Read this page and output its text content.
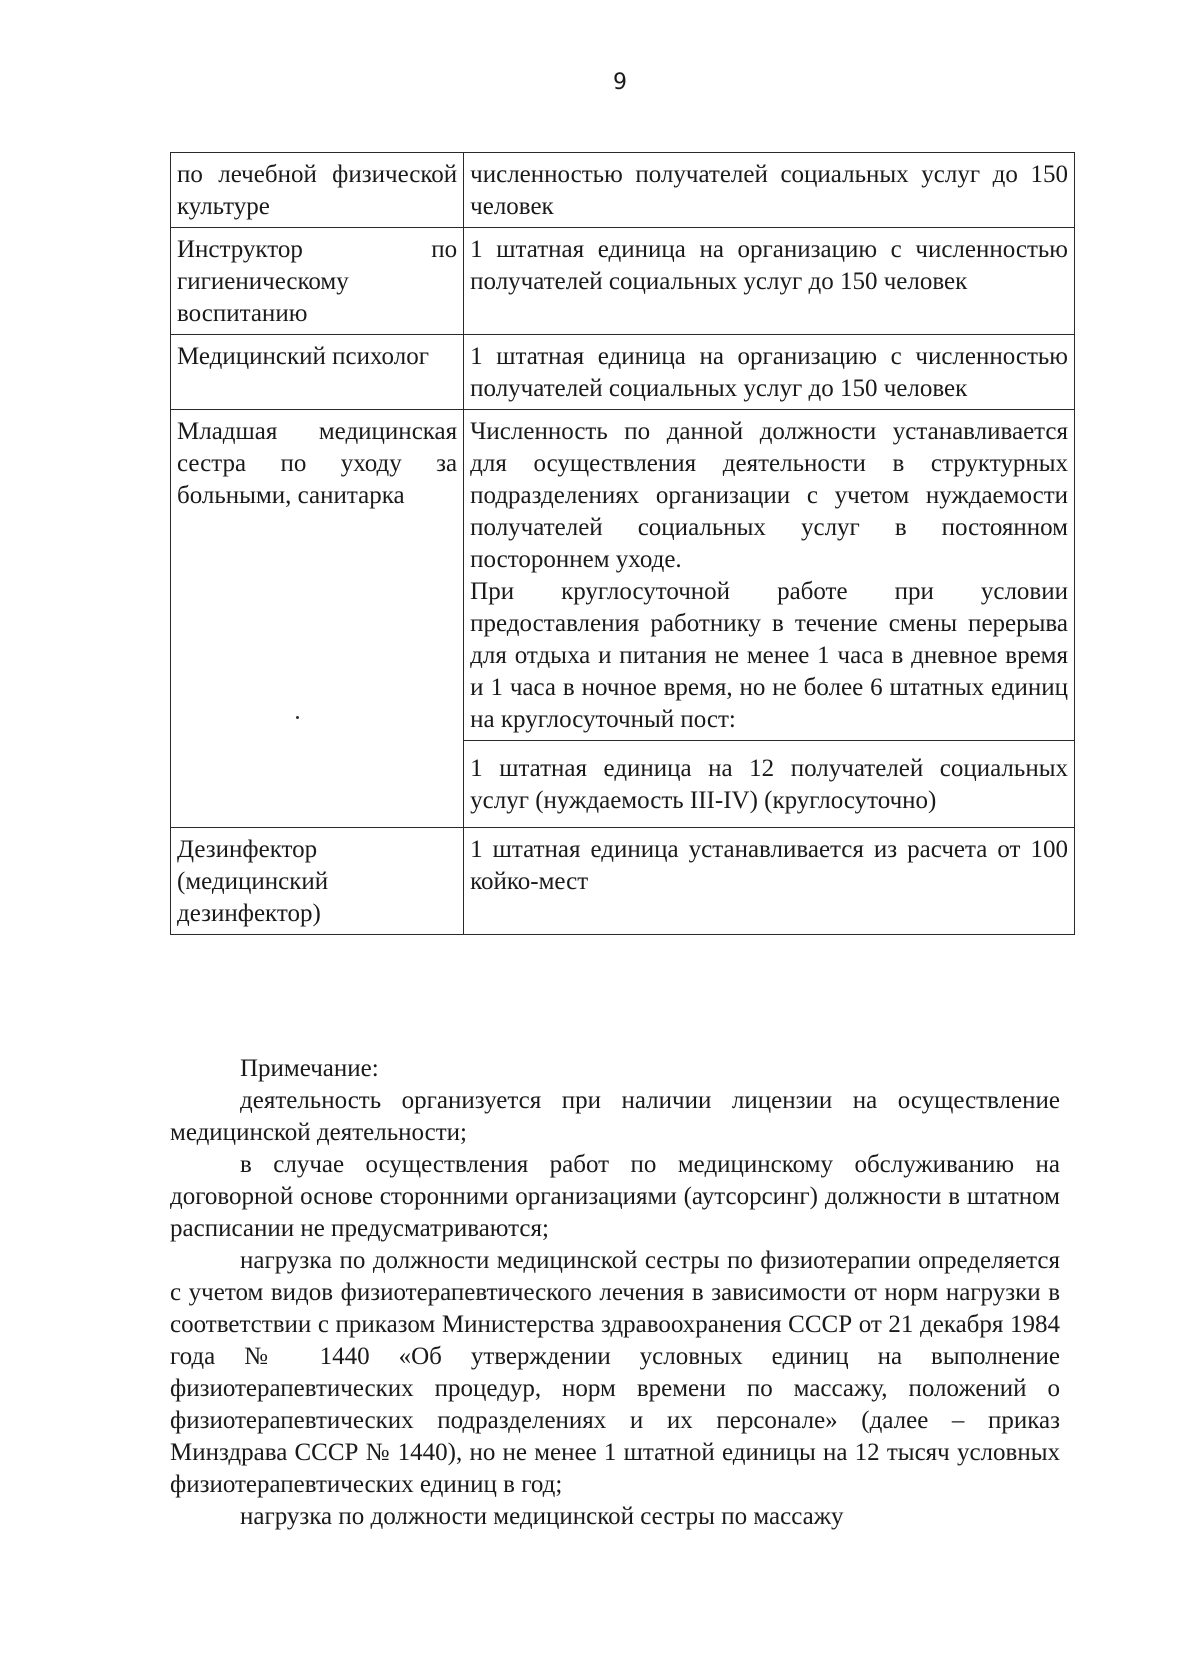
9
по лечебной физической культуре	численностью получателей социальных услуг до 150 человек
Инструктор по гигиеническому воспитанию	1 штатная единица на организацию с численностью получателей социальных услуг до 150 человек
Медицинский психолог	1 штатная единица на организацию с численностью получателей социальных услуг до 150 человек
Младшая медицинская сестра по уходу за больными, санитарка	Численность по данной должности устанавливается для осуществления деятельности в структурных подразделениях организации с учетом нуждаемости получателей социальных услуг в постоянном постороннем уходе.
При круглосуточной работе при условии предоставления работнику в течение смены перерыва для отдыха и питания не менее 1 часа в дневное время и 1 часа в ночное время, но не более 6 штатных единиц на круглосуточный пост:

	1 штатная единица на 12 получателей социальных услуг (нуждаемость III-IV) (круглосуточно)
Дезинфектор (медицинский дезинфектор)	1 штатная единица устанавливается из расчета от 100 койко-мест

Примечание:

деятельность организуется при наличии лицензии на осуществление медицинской деятельности;

в случае осуществления работ по медицинскому обслуживанию на договорной основе сторонними организациями (аутсорсинг) должности в штатном расписании не предусматриваются;

нагрузка по должности медицинской сестры по физиотерапии определяется с учетом видов физиотерапевтического лечения в зависимости от норм нагрузки в соответствии с приказом Министерства здравоохранения СССР от 21 декабря 1984 года № 1440 «Об утверждении условных единиц на выполнение физиотерапевтических процедур, норм времени по массажу, положений о физиотерапевтических подразделениях и их персонале» (далее – приказ Минздрава СССР № 1440), но не менее 1 штатной единицы на 12 тысяч условных физиотерапевтических единиц в год;

нагрузка по должности медицинской сестры по массажу
